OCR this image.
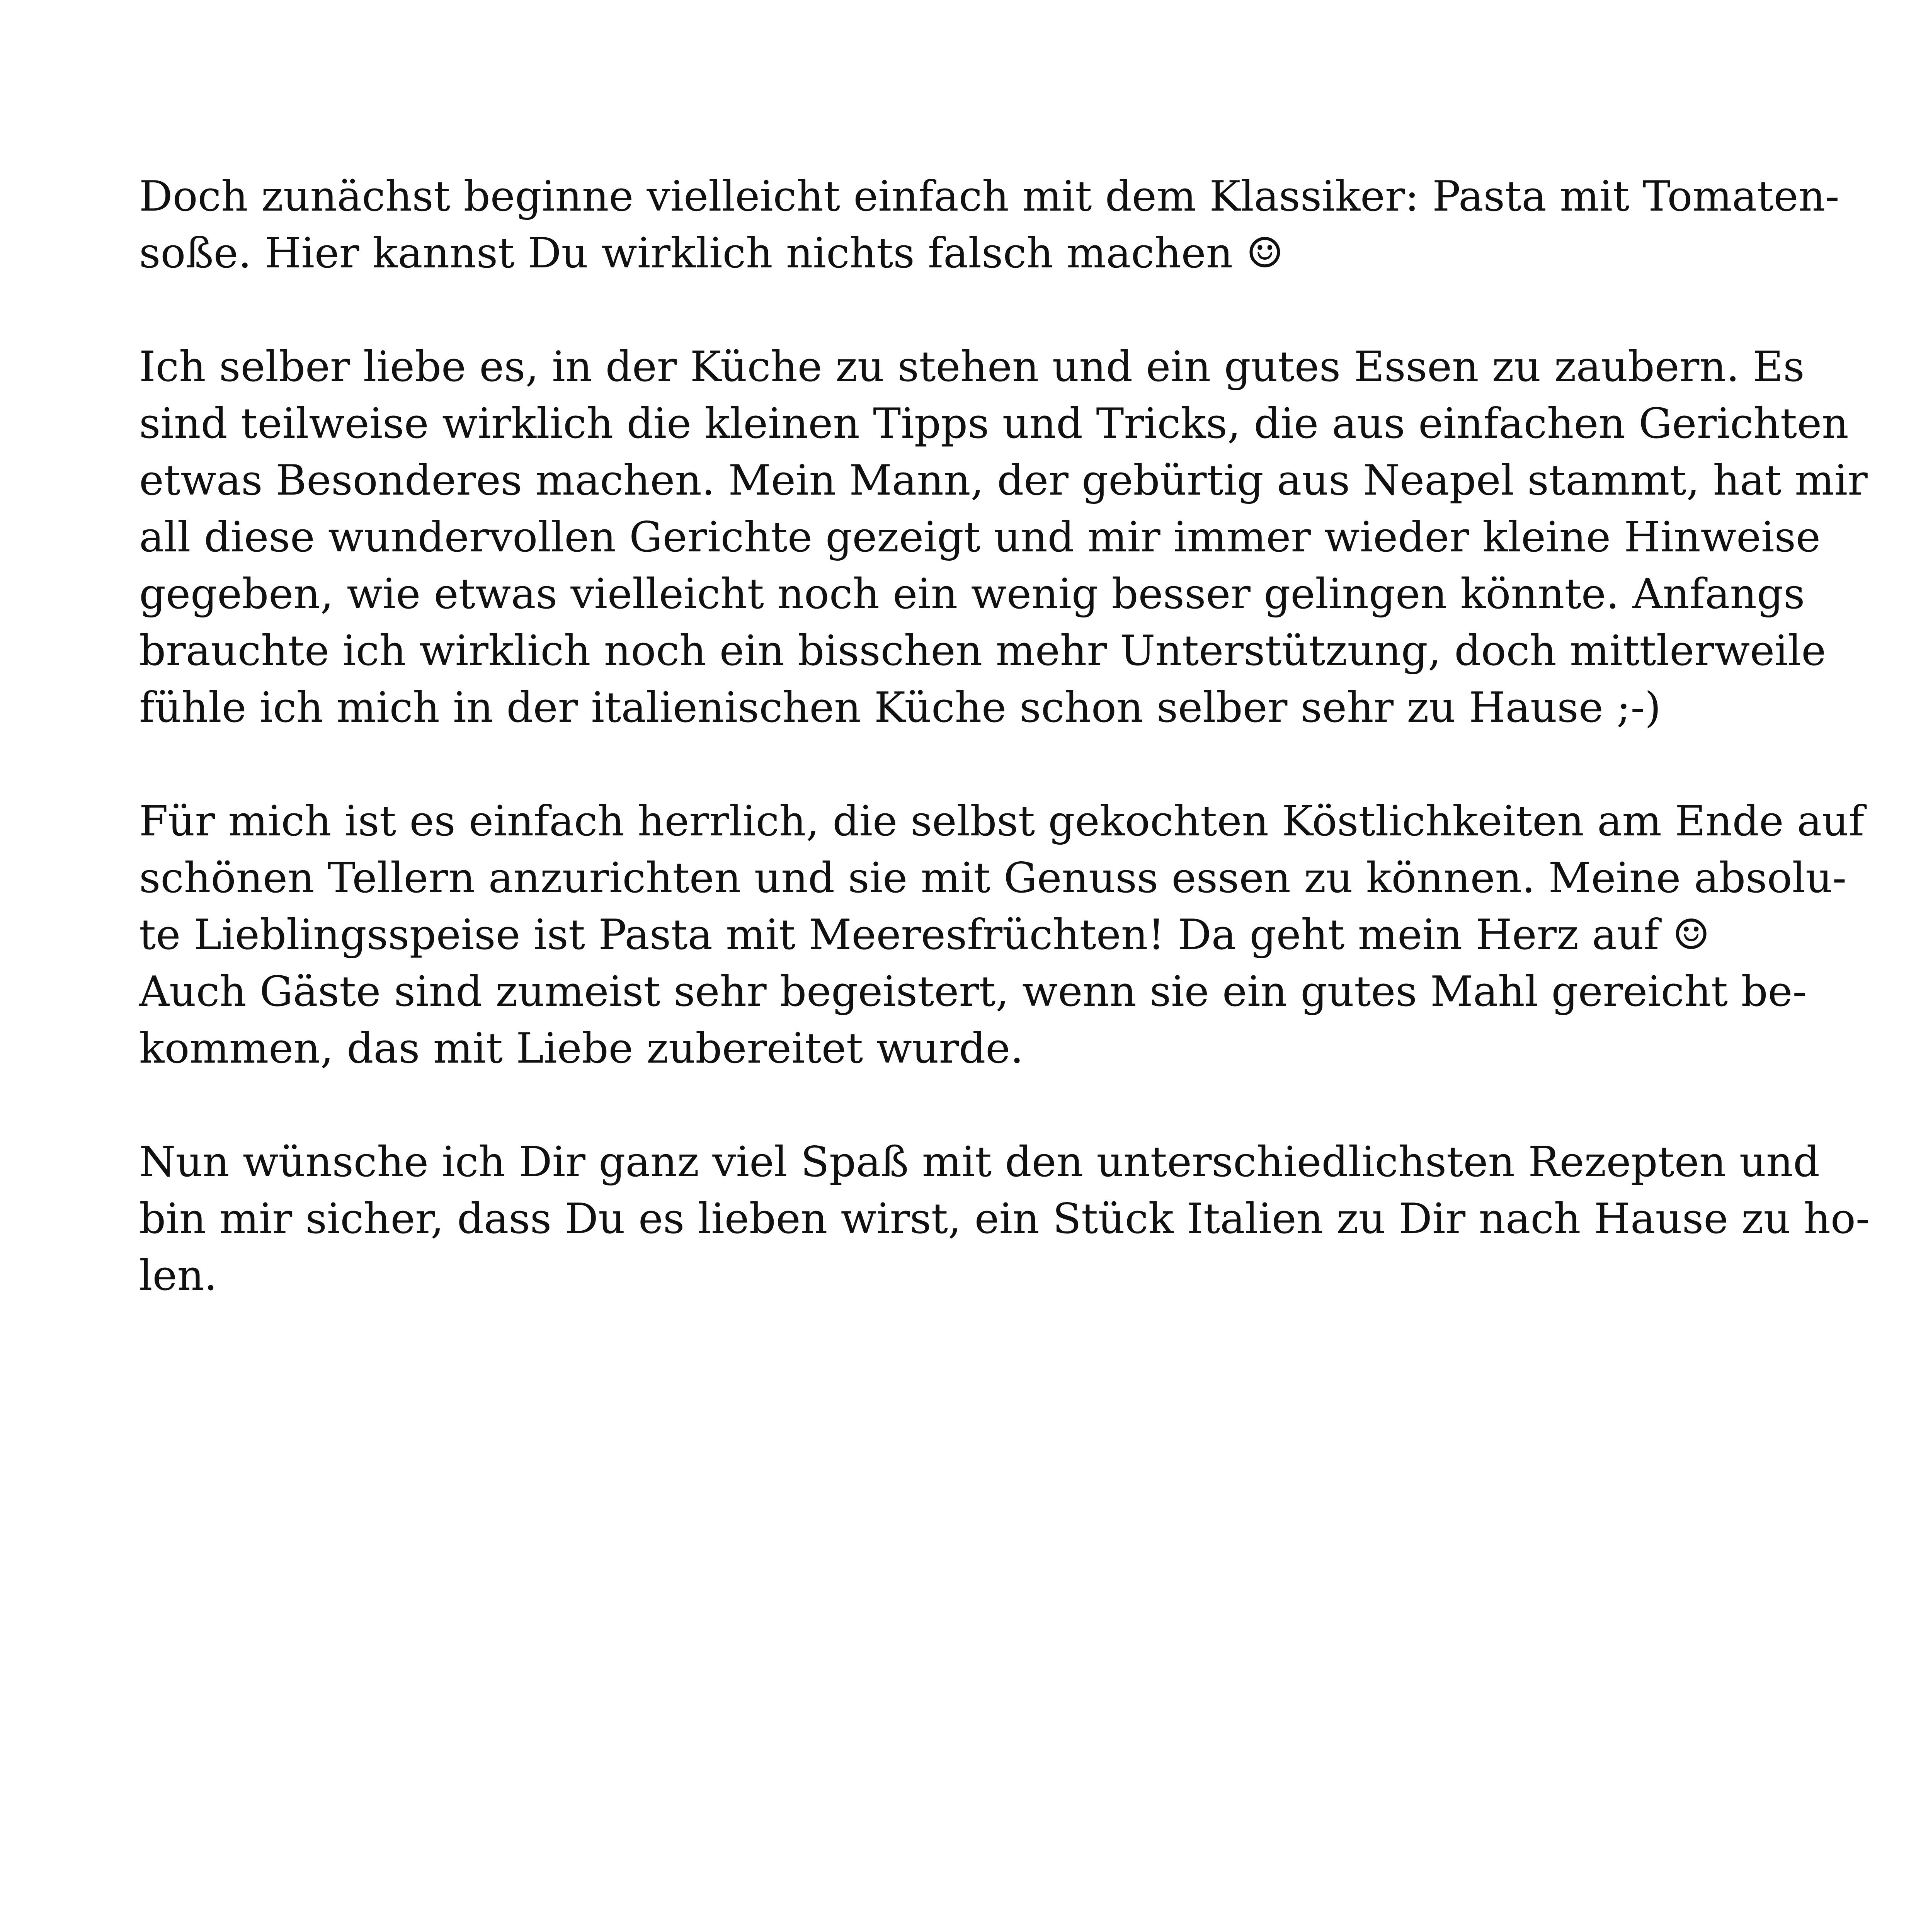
Doch zunächst beginne vielleicht einfach mit dem Klassiker: Pasta mit Tomaten-
soße. Hier kannst Du wirklich nichts falsch machen ☺

Ich selber liebe es, in der Küche zu stehen und ein gutes Essen zu zaubern. Es
sind teilweise wirklich die kleinen Tipps und Tricks, die aus einfachen Gerichten
etwas Besonderes machen. Mein Mann, der gebürtig aus Neapel stammt, hat mir
all diese wundervollen Gerichte gezeigt und mir immer wieder kleine Hinweise
gegeben, wie etwas vielleicht noch ein wenig besser gelingen könnte. Anfangs
brauchte ich wirklich noch ein bisschen mehr Unterstützung, doch mittlerweile
fühle ich mich in der italienischen Küche schon selber sehr zu Hause ;-)

Für mich ist es einfach herrlich, die selbst gekochten Köstlichkeiten am Ende auf
schönen Tellern anzurichten und sie mit Genuss essen zu können. Meine absolu-
te Lieblingsspeise ist Pasta mit Meeresfrüchten! Da geht mein Herz auf ☺
Auch Gäste sind zumeist sehr begeistert, wenn sie ein gutes Mahl gereicht be-
kommen, das mit Liebe zubereitet wurde.

Nun wünsche ich Dir ganz viel Spaß mit den unterschiedlichsten Rezepten und
bin mir sicher, dass Du es lieben wirst, ein Stück Italien zu Dir nach Hause zu ho-
len.
